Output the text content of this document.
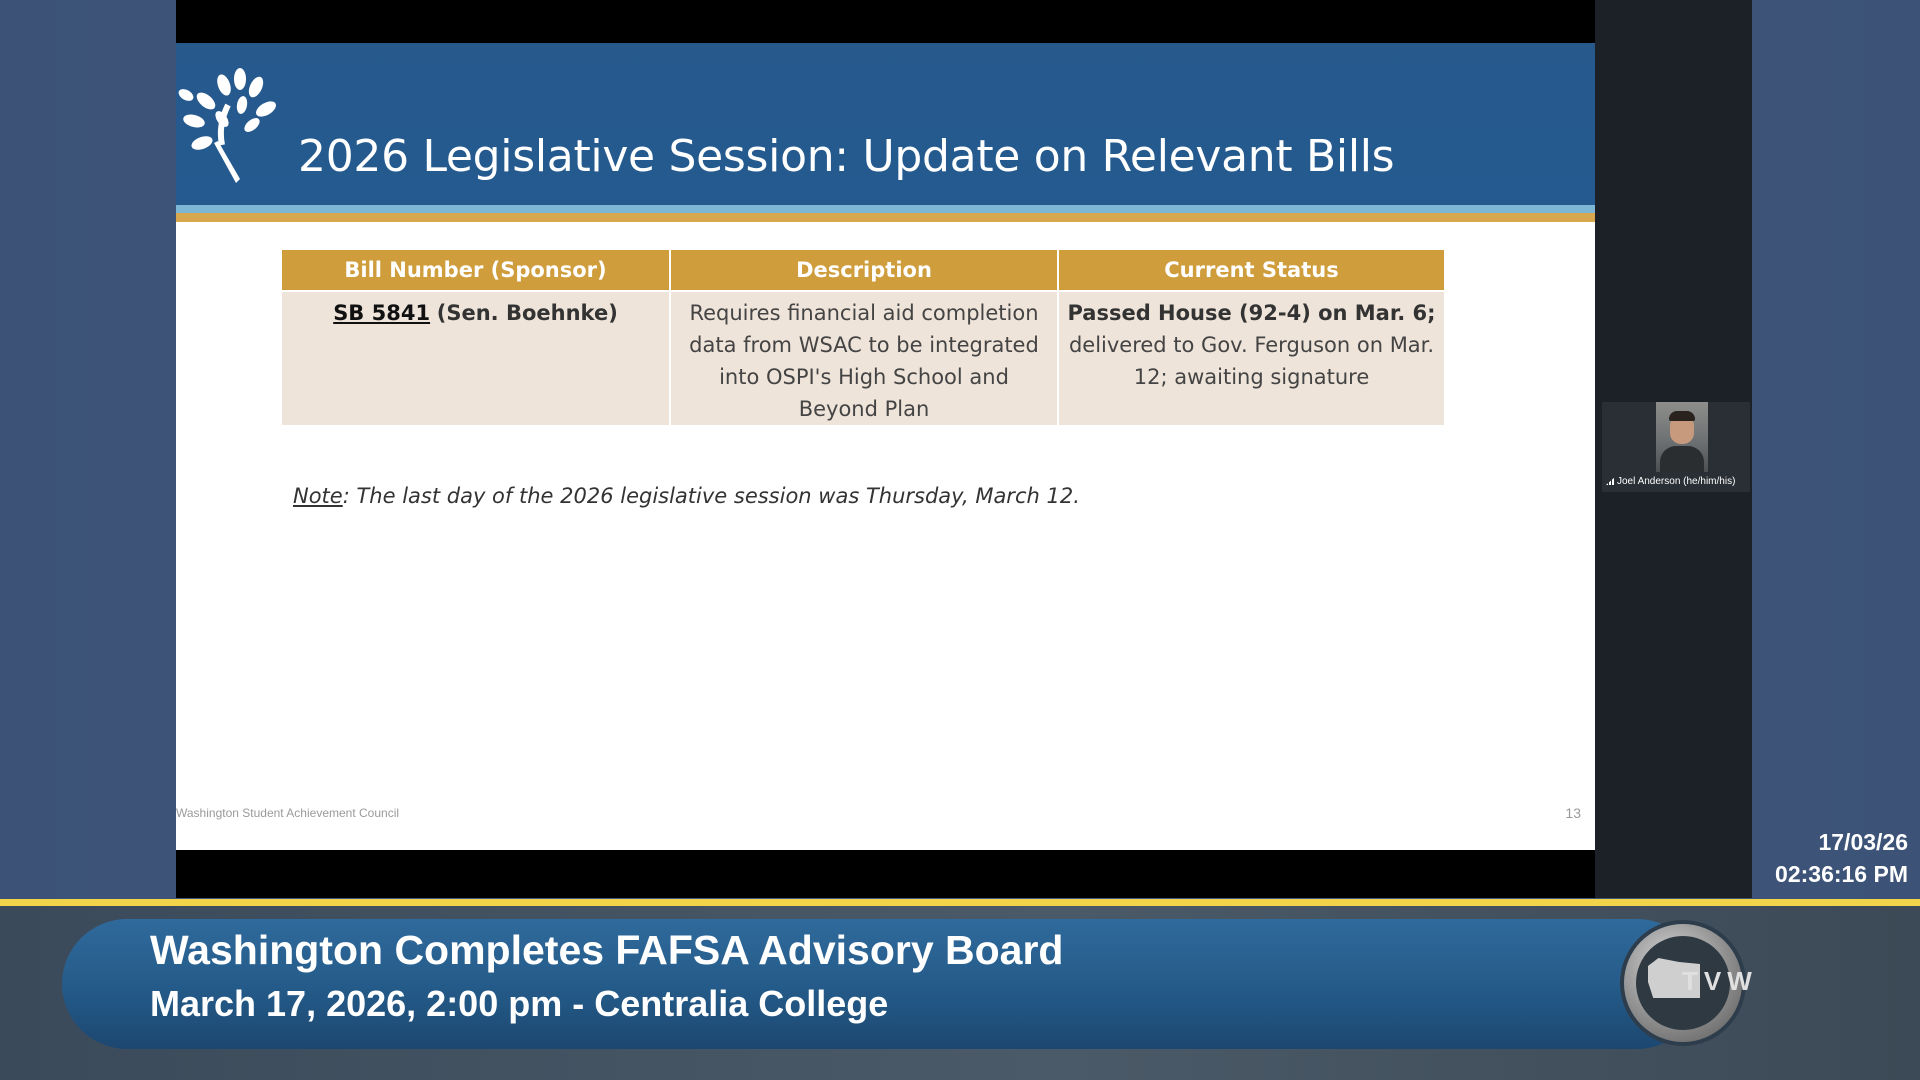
2026 Legislative Session: Update on Relevant Bills
Bill Number (Sponsor)	Description	Current Status
SB 5841 (Sen. Boehnke)	Requires financial aid completion data from WSAC to be integrated into OSPI's High School and Beyond Plan	Passed House (92-4) on Mar. 6; delivered to Gov. Ferguson on Mar. 12; awaiting signature
Note: The last day of the 2026 legislative session was Thursday, March 12.
Washington Student Achievement Council	13
Joel Anderson (he/him/his)
17/03/26
02:36:16 PM
Washington Completes FAFSA Advisory Board
March 17, 2026, 2:00 pm - Centralia College
TVW
